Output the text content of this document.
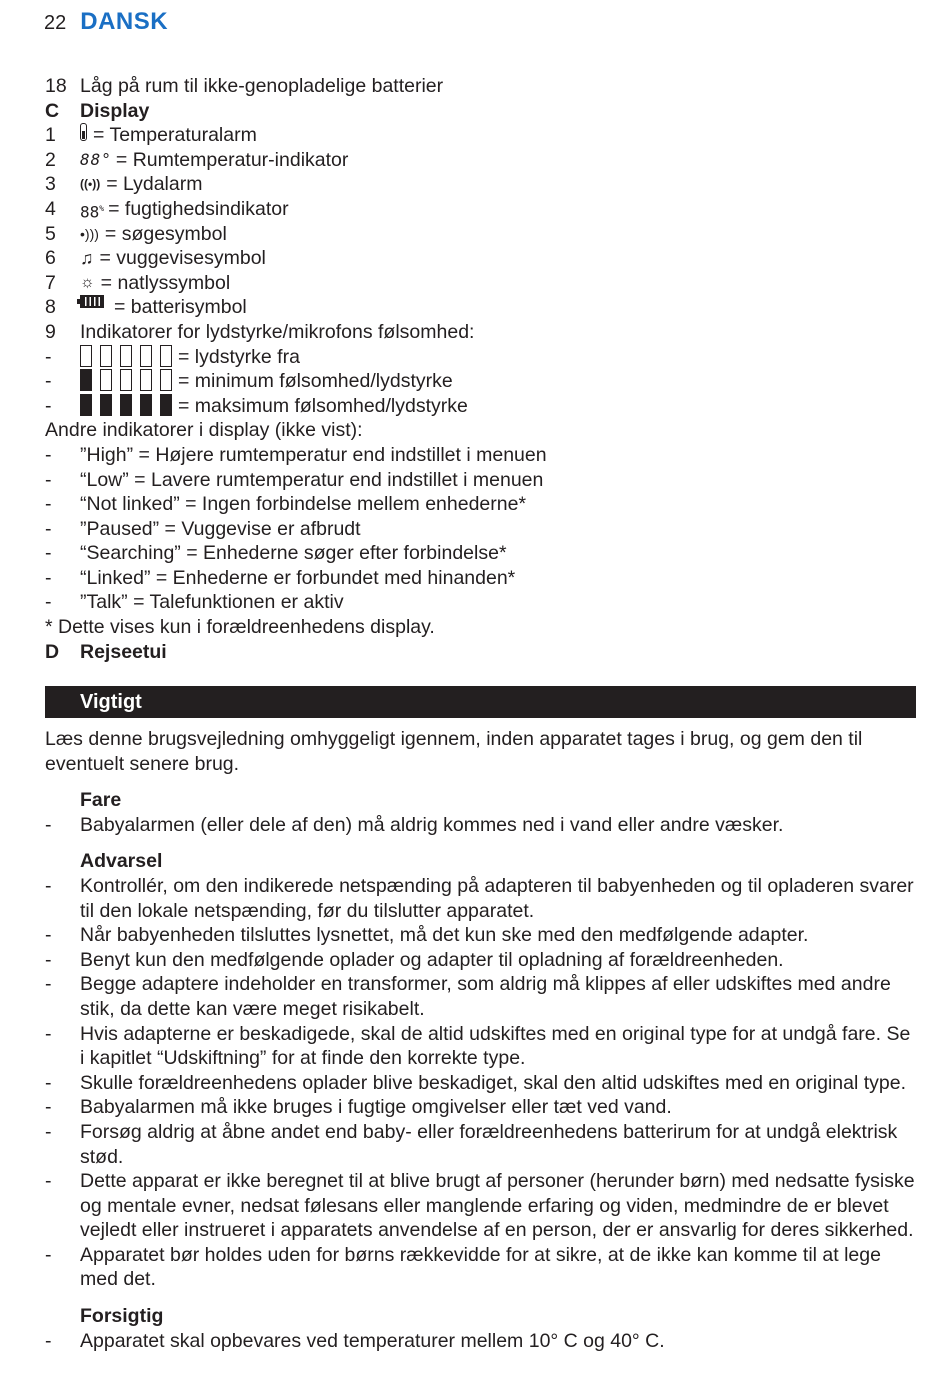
22 DANSK
18 Låg på rum til ikke-genopladelige batterier
C	Display
1	= Temperaturalarm
2	88° = Rumtemperatur-indikator
3	((•)) = Lydalarm
4	88% = fugtighedsindikator
5	•))) = søgesymbol
6	♫ = vuggevisesymbol
7	☼ = natlyssymbol
8	= batterisymbol
9	Indikatorer for lydstyrke/mikrofons følsomhed:
-	= lydstyrke fra
-	= minimum følsomhed/lydstyrke
-	= maksimum følsomhed/lydstyrke
Andre indikatorer i display (ikke vist):
-	”High” = Højere rumtemperatur end indstillet i menuen
-	“Low” = Lavere rumtemperatur end indstillet i menuen
-	“Not linked” = Ingen forbindelse mellem enhederne*
-	”Paused” = Vuggevise er afbrudt
-	“Searching” = Enhederne søger efter forbindelse*
-	“Linked” = Enhederne er forbundet med hinanden*
-	”Talk” = Talefunktionen er aktiv
* Dette vises kun i forældreenhedens display.
D	Rejseetui
Vigtigt
Læs denne brugsvejledning omhyggeligt igennem, inden apparatet tages i brug, og gem den til eventuelt senere brug.
Fare
-	Babyalarmen (eller dele af den) må aldrig kommes ned i vand eller andre væsker.
Advarsel
-	Kontrollér, om den indikerede netspænding på adapteren til babyenheden og til opladeren svarer til den lokale netspænding, før du tilslutter apparatet.
-	Når babyenheden tilsluttes lysnettet, må det kun ske med den medfølgende adapter.
-	Benyt kun den medfølgende oplader og adapter til opladning af forældreenheden.
-	Begge adaptere indeholder en transformer, som aldrig må klippes af eller udskiftes med andre stik, da dette kan være meget risikabelt.
-	Hvis adapterne er beskadigede, skal de altid udskiftes med en original type for at undgå fare. Se i kapitlet “Udskiftning” for at finde den korrekte type.
-	Skulle forældreenhedens oplader blive beskadiget, skal den altid udskiftes med en original type.
-	Babyalarmen må ikke bruges i fugtige omgivelser eller tæt ved vand.
-	Forsøg aldrig at åbne andet end baby- eller forældreenhedens batterirum for at undgå elektrisk stød.
-	Dette apparat er ikke beregnet til at blive brugt af personer (herunder børn) med nedsatte fysiske og mentale evner, nedsat følesans eller manglende erfaring og viden, medmindre de er blevet vejledt eller instrueret i apparatets anvendelse af en person, der er ansvarlig for deres sikkerhed.
-	Apparatet bør holdes uden for børns rækkevidde for at sikre, at de ikke kan komme til at lege med det.
Forsigtig
-	Apparatet skal opbevares ved temperaturer mellem 10° C og 40° C.
